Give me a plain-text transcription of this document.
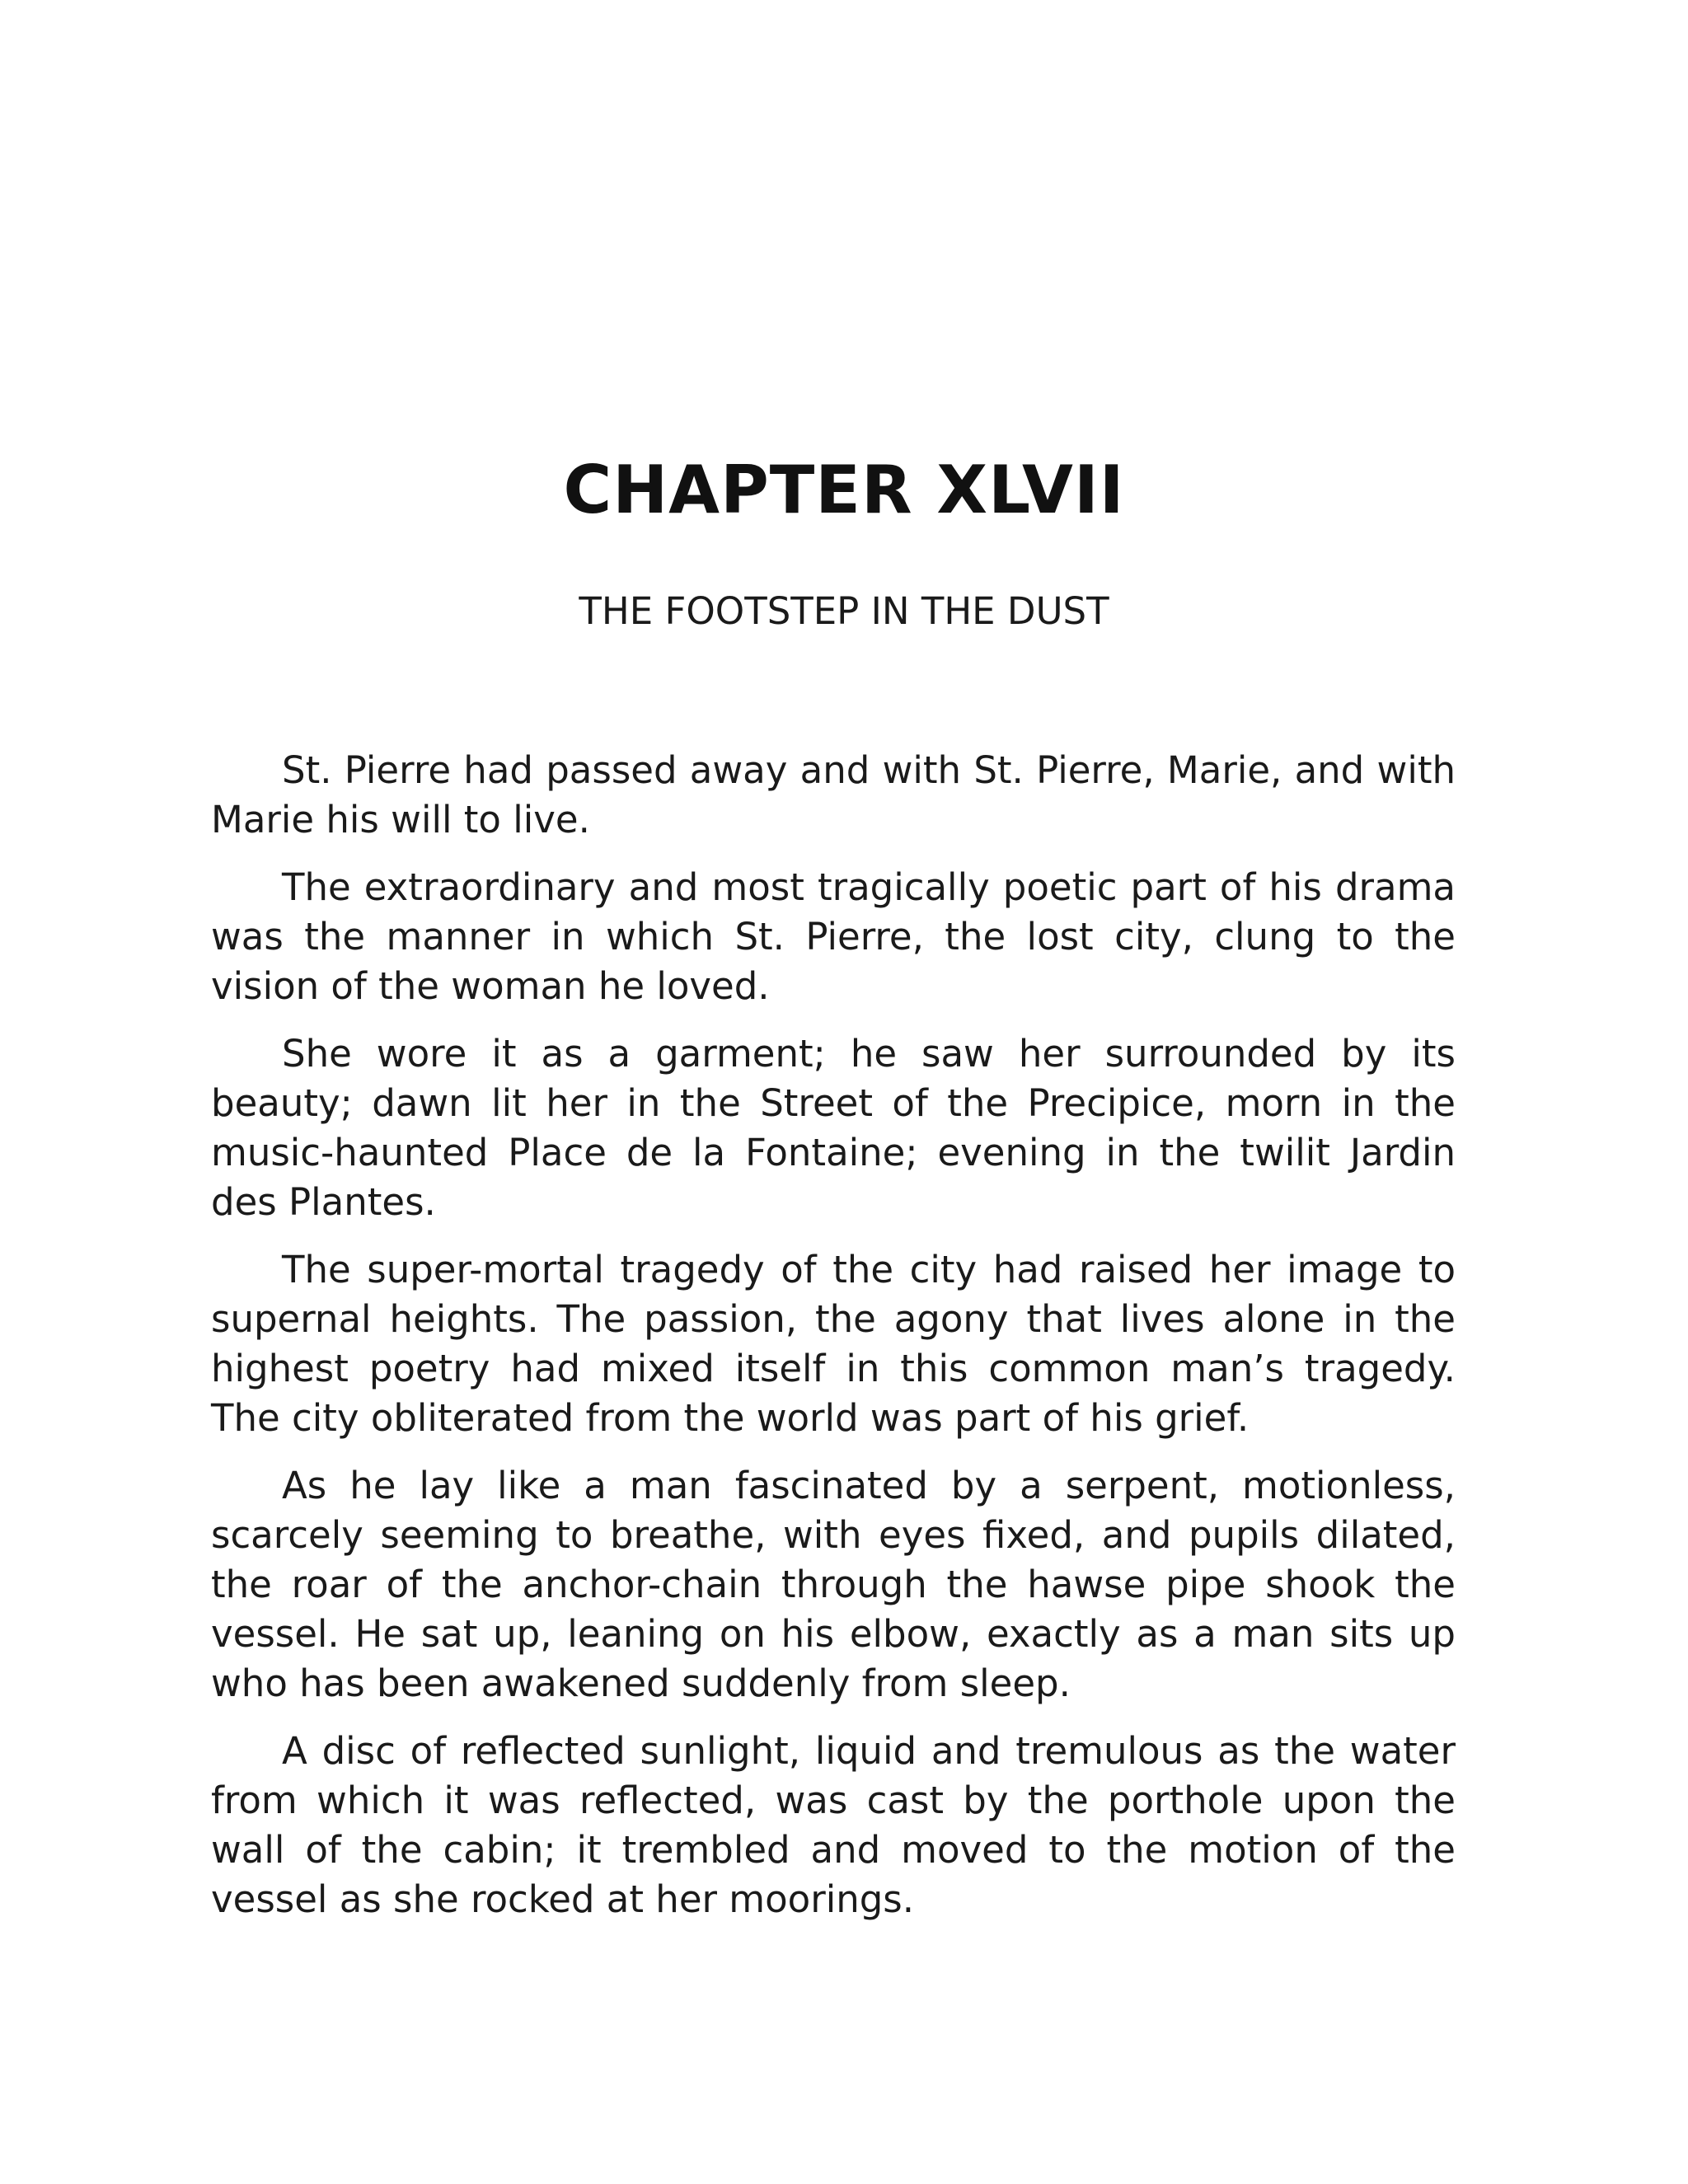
CHAPTER XLVII
THE FOOTSTEP IN THE DUST

St. Pierre had passed away and with St. Pierre, Marie, and with Marie his will to live.

The extraordinary and most tragically poetic part of his drama was the manner in which St. Pierre, the lost city, clung to the vision of the woman he loved.

She wore it as a garment; he saw her surrounded by its beauty; dawn lit her in the Street of the Precipice, morn in the music-haunted Place de la Fontaine; evening in the twilit Jardin des Plantes.

The super-mortal tragedy of the city had raised her image to supernal heights. The passion, the agony that lives alone in the highest poetry had mixed itself in this common man’s tragedy. The city obliterated from the world was part of his grief.

As he lay like a man fascinated by a serpent, motionless, scarcely seeming to breathe, with eyes fixed, and pupils dilated, the roar of the anchor-chain through the hawse pipe shook the vessel. He sat up, leaning on his elbow, exactly as a man sits up who has been awakened suddenly from sleep.

A disc of reflected sunlight, liquid and tremulous as the water from which it was reflected, was cast by the porthole upon the wall of the cabin; it trembled and moved to the motion of the vessel as she rocked at her moorings.
